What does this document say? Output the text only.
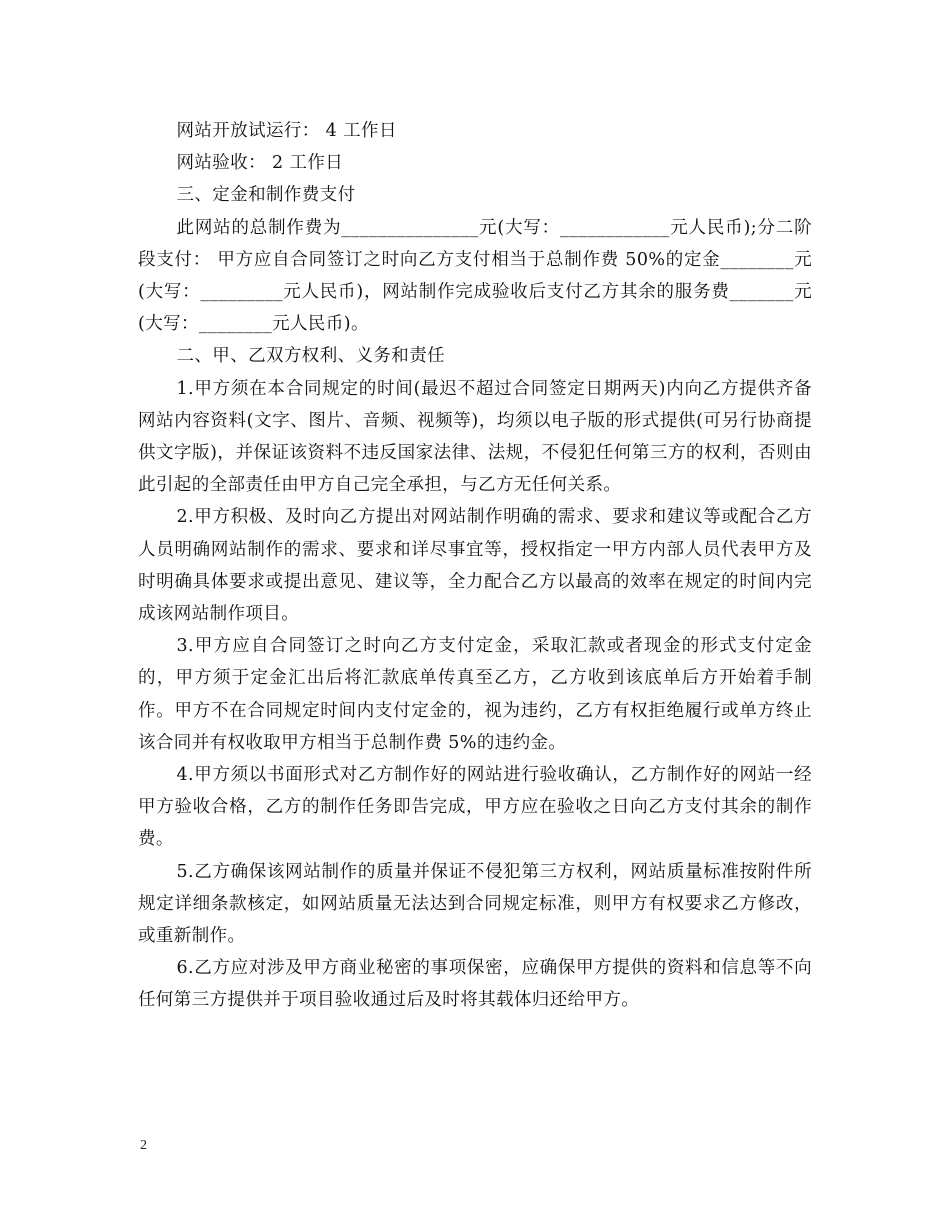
网站开放试运行： 4 工作日

网站验收： 2 工作日

三、定金和制作费支付

此网站的总制作费为_______________元(大写：____________元人民币);分二阶段支付： 甲方应自合同签订之时向乙方支付相当于总制作费 50%的定金________元(大写：_________元人民币)，网站制作完成验收后支付乙方其余的服务费_______元(大写：________元人民币)。

二、甲、乙双方权利、义务和责任

1.甲方须在本合同规定的时间(最迟不超过合同签定日期两天)内向乙方提供齐备网站内容资料(文字、图片、音频、视频等)，均须以电子版的形式提供(可另行协商提供文字版)，并保证该资料不违反国家法律、法规，不侵犯任何第三方的权利，否则由此引起的全部责任由甲方自己完全承担，与乙方无任何关系。

2.甲方积极、及时向乙方提出对网站制作明确的需求、要求和建议等或配合乙方人员明确网站制作的需求、要求和详尽事宜等，授权指定一甲方内部人员代表甲方及时明确具体要求或提出意见、建议等，全力配合乙方以最高的效率在规定的时间内完成该网站制作项目。

3.甲方应自合同签订之时向乙方支付定金，采取汇款或者现金的形式支付定金的，甲方须于定金汇出后将汇款底单传真至乙方，乙方收到该底单后方开始着手制作。甲方不在合同规定时间内支付定金的，视为违约，乙方有权拒绝履行或单方终止该合同并有权收取甲方相当于总制作费 5%的违约金。

4.甲方须以书面形式对乙方制作好的网站进行验收确认，乙方制作好的网站一经甲方验收合格，乙方的制作任务即告完成，甲方应在验收之日向乙方支付其余的制作费。

5.乙方确保该网站制作的质量并保证不侵犯第三方权利，网站质量标准按附件所规定详细条款核定，如网站质量无法达到合同规定标准，则甲方有权要求乙方修改，或重新制作。

6.乙方应对涉及甲方商业秘密的事项保密，应确保甲方提供的资料和信息等不向任何第三方提供并于项目验收通过后及时将其载体归还给甲方。

2
